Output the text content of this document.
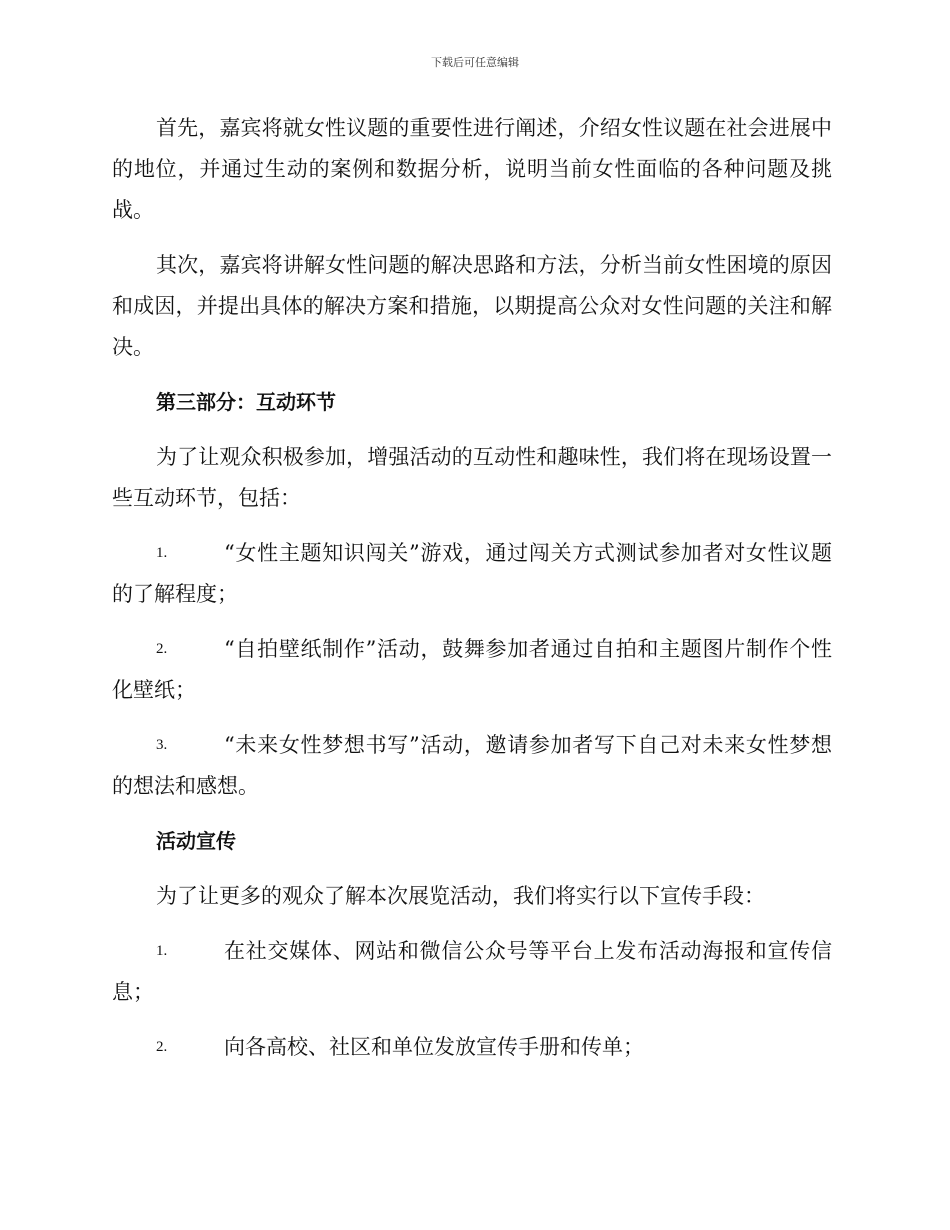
下载后可任意编辑

首先，嘉宾将就女性议题的重要性进行阐述，介绍女性议题在社会进展中的地位，并通过生动的案例和数据分析，说明当前女性面临的各种问题及挑战。

其次，嘉宾将讲解女性问题的解决思路和方法，分析当前女性困境的原因和成因，并提出具体的解决方案和措施，以期提高公众对女性问题的关注和解决。

第三部分：互动环节

为了让观众积极参加，增强活动的互动性和趣味性，我们将在现场设置一些互动环节，包括：

1.	“女性主题知识闯关”游戏，通过闯关方式测试参加者对女性议题的了解程度；
2.	“自拍壁纸制作”活动，鼓舞参加者通过自拍和主题图片制作个性化壁纸；
3.	“未来女性梦想书写”活动，邀请参加者写下自己对未来女性梦想的想法和感想。
活动宣传

为了让更多的观众了解本次展览活动，我们将实行以下宣传手段：

1.	在社交媒体、网站和微信公众号等平台上发布活动海报和宣传信息；
2.	向各高校、社区和单位发放宣传手册和传单；
